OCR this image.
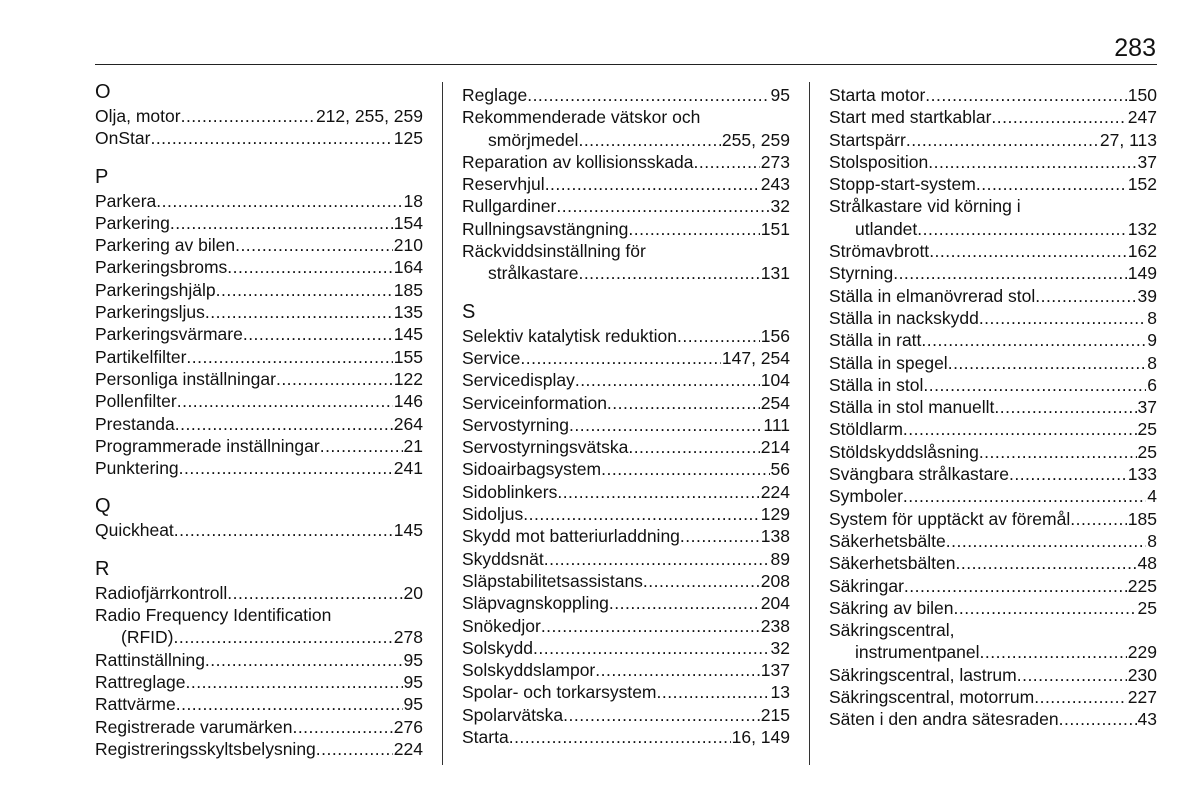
283
O
Olja, motor .....	212, 255, 259
OnStar .....	125
P
Parkera .....	18
Parkering .....	154
Parkering av bilen .....	210
Parkeringsbroms .....	164
Parkeringshjälp .....	185
Parkeringsljus .....	135
Parkeringsvärmare .....	145
Partikelfilter .....	155
Personliga inställningar .....	122
Pollenfilter .....	146
Prestanda .....	264
Programmerade inställningar .....	21
Punktering .....	241
Q
Quickheat .....	145
R
Radiofjärrkontroll .....	20
Radio Frequency Identification
(RFID) .....	278
Rattinställning .....	95
Rattreglage .....	95
Rattvärme .....	95
Registrerade varumärken .....	276
Registreringsskyltsbelysning .....	224
Reglage .....	95
Rekommenderade vätskor och
smörjmedel .....	255, 259
Reparation av kollisionsskada .....	273
Reservhjul .....	243
Rullgardiner .....	32
Rullningsavstängning .....	151
Räckviddsinställning för
strålkastare .....	131
S
Selektiv katalytisk reduktion .....	156
Service .....	147, 254
Servicedisplay .....	104
Serviceinformation .....	254
Servostyrning .....	111
Servostyrningsvätska .....	214
Sidoairbagsystem .....	56
Sidoblinkers .....	224
Sidoljus .....	129
Skydd mot batteriurladdning .....	138
Skyddsnät .....	89
Släpstabilitetsassistans .....	208
Släpvagnskoppling .....	204
Snökedjor .....	238
Solskydd .....	32
Solskyddslampor .....	137
Spolar- och torkarsystem .....	13
Spolarvätska .....	215
Starta .....	16, 149
Starta motor .....	150
Start med startkablar .....	247
Startspärr .....	27, 113
Stolsposition .....	37
Stopp-start-system .....	152
Strålkastare vid körning i
utlandet .....	132
Strömavbrott .....	162
Styrning .....	149
Ställa in elmanövrerad stol .....	39
Ställa in nackskydd .....	8
Ställa in ratt .....	9
Ställa in spegel .....	8
Ställa in stol .....	6
Ställa in stol manuellt .....	37
Stöldlarm .....	25
Stöldskyddslåsning .....	25
Svängbara strålkastare .....	133
Symboler .....	4
System för upptäckt av föremål .....	185
Säkerhetsbälte .....	8
Säkerhetsbälten .....	48
Säkringar .....	225
Säkring av bilen .....	25
Säkringscentral,
instrumentpanel .....	229
Säkringscentral, lastrum .....	230
Säkringscentral, motorrum .....	227
Säten i den andra sätesraden .....	43
